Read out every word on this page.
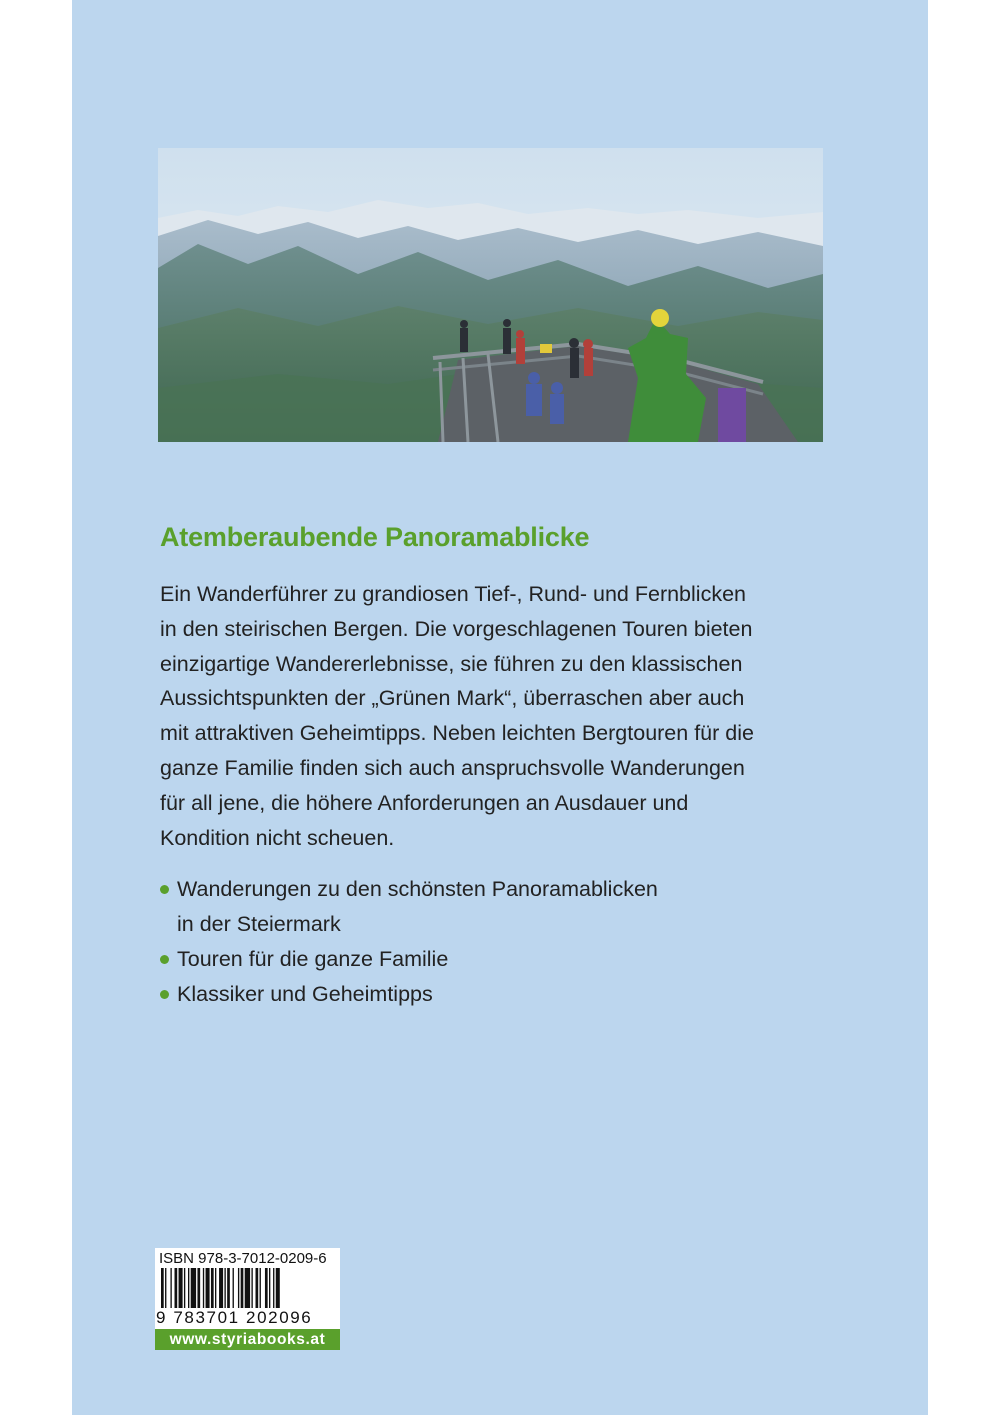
Atemberaubende Panoramablicke
Ein Wanderführer zu grandiosen Tief-, Rund- und Fernblicken
in den steirischen Bergen. Die vorgeschlagenen Touren bieten
einzigartige Wandererlebnisse, sie führen zu den klassischen
Aussichtspunkten der „Grünen Mark“, überraschen aber auch
mit attraktiven Geheimtipps. Neben leichten Bergtouren für die
ganze Familie finden sich auch anspruchsvolle Wanderungen
für all jene, die höhere Anforderungen an Ausdauer und
Kondition nicht scheuen.
Wanderungen zu den schönsten Panoramablicken
in der Steiermark
Touren für die ganze Familie
Klassiker und Geheimtipps
ISBN 978-3-7012-0209-6
9 783701 202096
www.styriabooks.at
